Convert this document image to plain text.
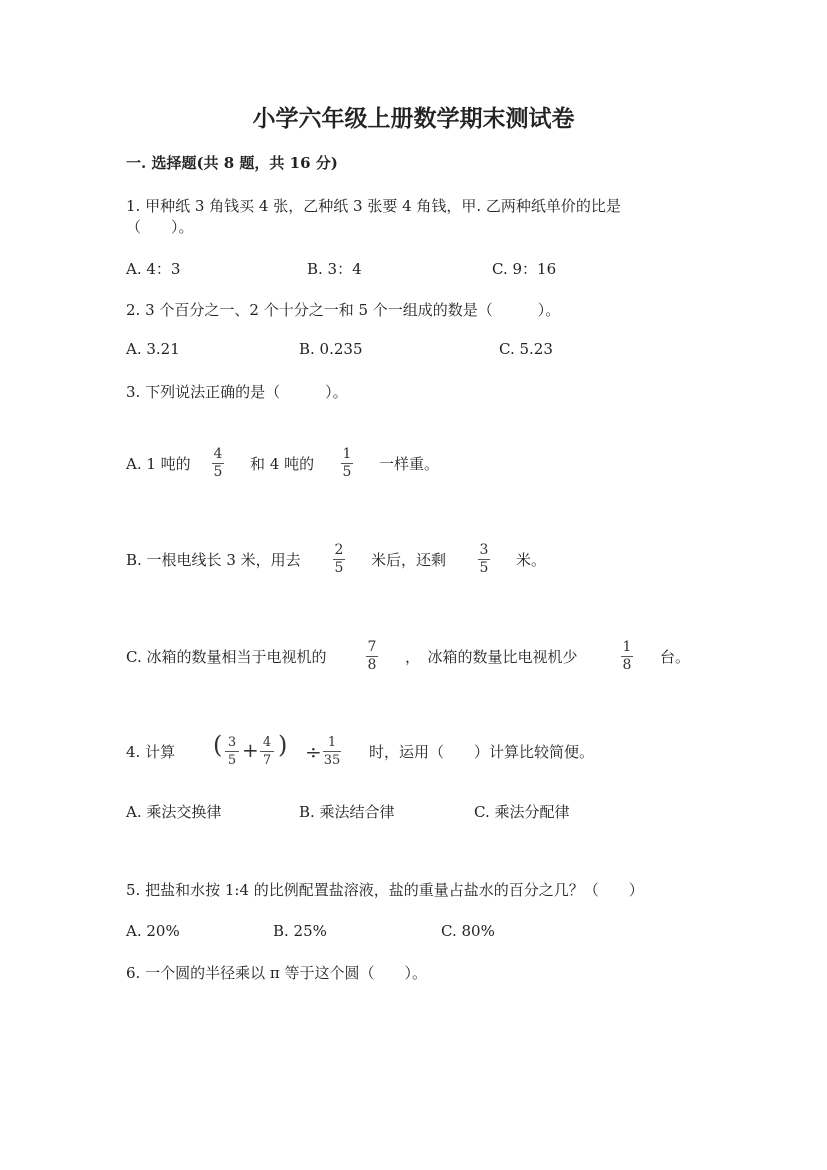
小学六年级上册数学期末测试卷
一. 选择题(共 8 题，共 16 分)
1. 甲种纸 3 角钱买 4 张，乙种纸 3 张要 4 角钱，甲. 乙两种纸单价的比是
（　　）。
A. 4：3	B. 3：4	C. 9：16
2. 3 个百分之一、2 个十分之一和 5 个一组成的数是（　　　）。
A. 3.21	B. 0.235	C. 5.23
3. 下列说法正确的是（　　　）。
A. 1 吨的
4
5 和 4 吨的
1
5 一样重。
B. 一根电线长 3 米，用去
2
5 米后，还剩
3
5 米。
C. 冰箱的数量相当于电视机的
7
8 ，　冰箱的数量比电视机少
1
8 台。
4. 计算 ( 3
5 + 4
7
) ÷ 1
35 时，运用（　　）计算比较简便。
A. 乘法交换律	B. 乘法结合律	C. 乘法分配律
5. 把盐和水按 1:4 的比例配置盐溶液，盐的重量占盐水的百分之几？（　　）
A. 20%	B. 25%	C. 80%
6. 一个圆的半径乘以 π 等于这个圆（　　）。
